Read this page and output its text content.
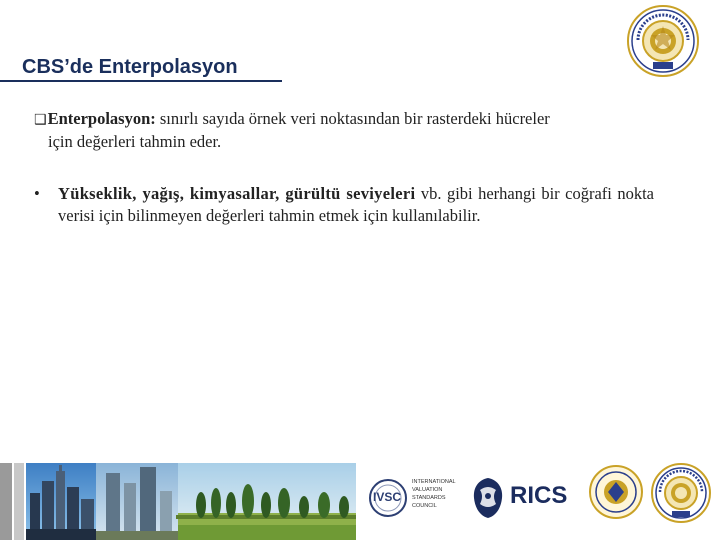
CBS’de Enterpolasyon

❑Enterpolasyon: sınırlı sayıda örnek veri noktasından bir rasterdeki hücreler
için değerleri tahmin eder.

• Yükseklik, yağış, kimyasallar, gürültü seviyeleri vb. gibi herhangi bir coğrafi nokta verisi için bilinmeyen değerleri tahmin etmek için kullanılabilir.

IVSC
INTERNATIONAL VALUATION STANDARDS COUNCIL	RICS
